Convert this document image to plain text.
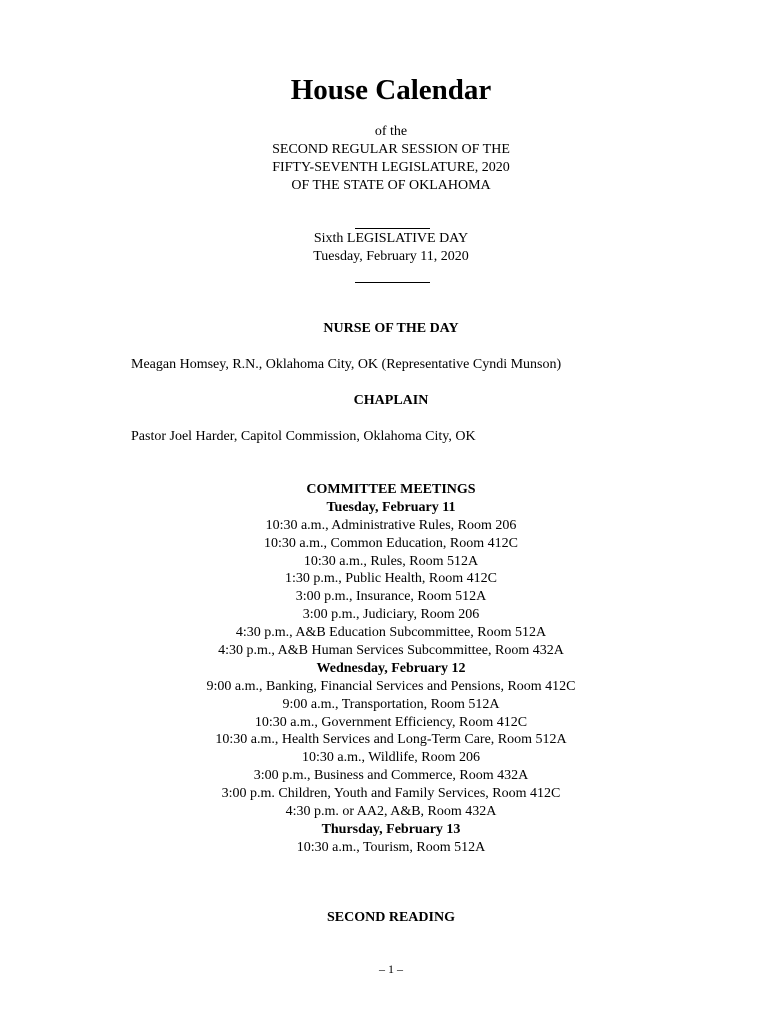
House Calendar
of the
SECOND REGULAR SESSION OF THE
FIFTY-SEVENTH LEGISLATURE, 2020
OF THE STATE OF OKLAHOMA
Sixth LEGISLATIVE DAY
Tuesday, February 11, 2020
NURSE OF THE DAY
Meagan Homsey, R.N., Oklahoma City, OK (Representative Cyndi Munson)
CHAPLAIN
Pastor Joel Harder, Capitol Commission, Oklahoma City, OK
COMMITTEE MEETINGS
Tuesday, February 11
10:30 a.m., Administrative Rules, Room 206
10:30 a.m., Common Education, Room 412C
10:30 a.m., Rules, Room 512A
1:30 p.m., Public Health, Room 412C
3:00 p.m., Insurance, Room 512A
3:00 p.m., Judiciary, Room 206
4:30 p.m., A&B Education Subcommittee, Room 512A
4:30 p.m., A&B Human Services Subcommittee, Room 432A
Wednesday, February 12
9:00 a.m., Banking, Financial Services and Pensions, Room 412C
9:00 a.m., Transportation, Room 512A
10:30 a.m., Government Efficiency, Room 412C
10:30 a.m., Health Services and Long-Term Care, Room 512A
10:30 a.m., Wildlife, Room 206
3:00 p.m., Business and Commerce, Room 432A
3:00 p.m. Children, Youth and Family Services, Room 412C
4:30 p.m. or AA2, A&B, Room 432A
Thursday, February 13
10:30 a.m., Tourism, Room 512A
SECOND READING
– 1 –
